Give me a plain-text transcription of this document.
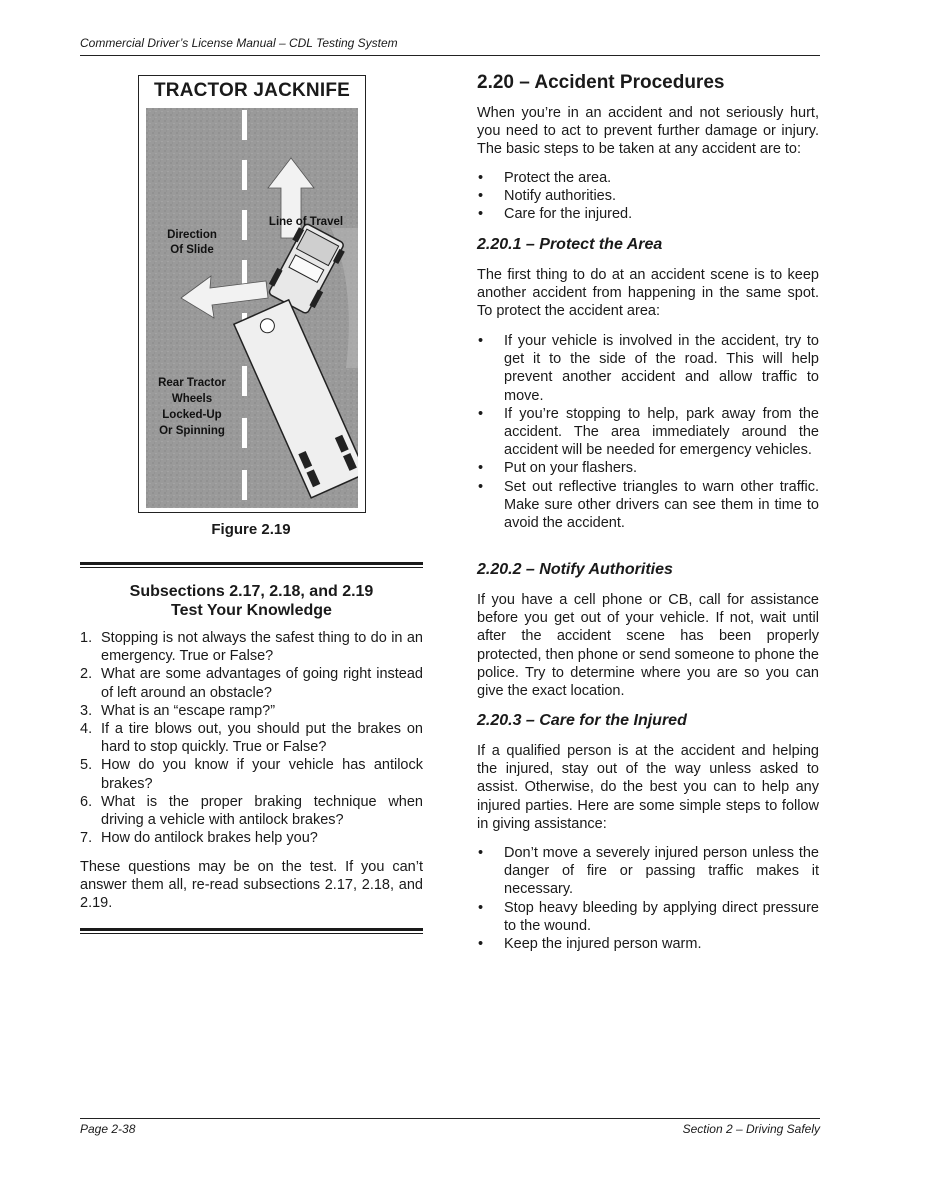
Commercial Driver’s License Manual – CDL Testing System
TRACTOR JACKNIFE
Line of Travel
Direction
Of Slide
Rear Tractor
Wheels
Locked-Up
Or Spinning
Figure 2.19
Subsections 2.17, 2.18, and 2.19
Test Your Knowledge
1. Stopping is not always the safest thing to do in an emergency. True or False?
2. What are some advantages of going right instead of left around an obstacle?
3. What is an “escape ramp?”
4. If a tire blows out, you should put the brakes on hard to stop quickly. True or False?
5. How do you know if your vehicle has antilock brakes?
6. What is the proper braking technique when driving a vehicle with antilock brakes?
7. How do antilock brakes help you?
These questions may be on the test. If you can’t answer them all, re-read subsections 2.17, 2.18, and 2.19.
2.20 – Accident Procedures
When you’re in an accident and not seriously hurt, you need to act to prevent further damage or injury. The basic steps to be taken at any accident are to:
• Protect the area.
• Notify authorities.
• Care for the injured.
2.20.1 – Protect the Area
The first thing to do at an accident scene is to keep another accident from happening in the same spot. To protect the accident area:
• If your vehicle is involved in the accident, try to get it to the side of the road. This will help prevent another accident and allow traffic to move.
• If you’re stopping to help, park away from the accident. The area immediately around the accident will be needed for emergency vehicles.
• Put on your flashers.
• Set out reflective triangles to warn other traffic. Make sure other drivers can see them in time to avoid the accident.
2.20.2 – Notify Authorities
If you have a cell phone or CB, call for assistance before you get out of your vehicle. If not, wait until after the accident scene has been properly protected, then phone or send someone to phone the police. Try to determine where you are so you can give the exact location.
2.20.3 – Care for the Injured
If a qualified person is at the accident and helping the injured, stay out of the way unless asked to assist. Otherwise, do the best you can to help any injured parties. Here are some simple steps to follow in giving assistance:
• Don’t move a severely injured person unless the danger of fire or passing traffic makes it necessary.
• Stop heavy bleeding by applying direct pressure to the wound.
• Keep the injured person warm.
Page 2-38	Section 2 – Driving Safely
